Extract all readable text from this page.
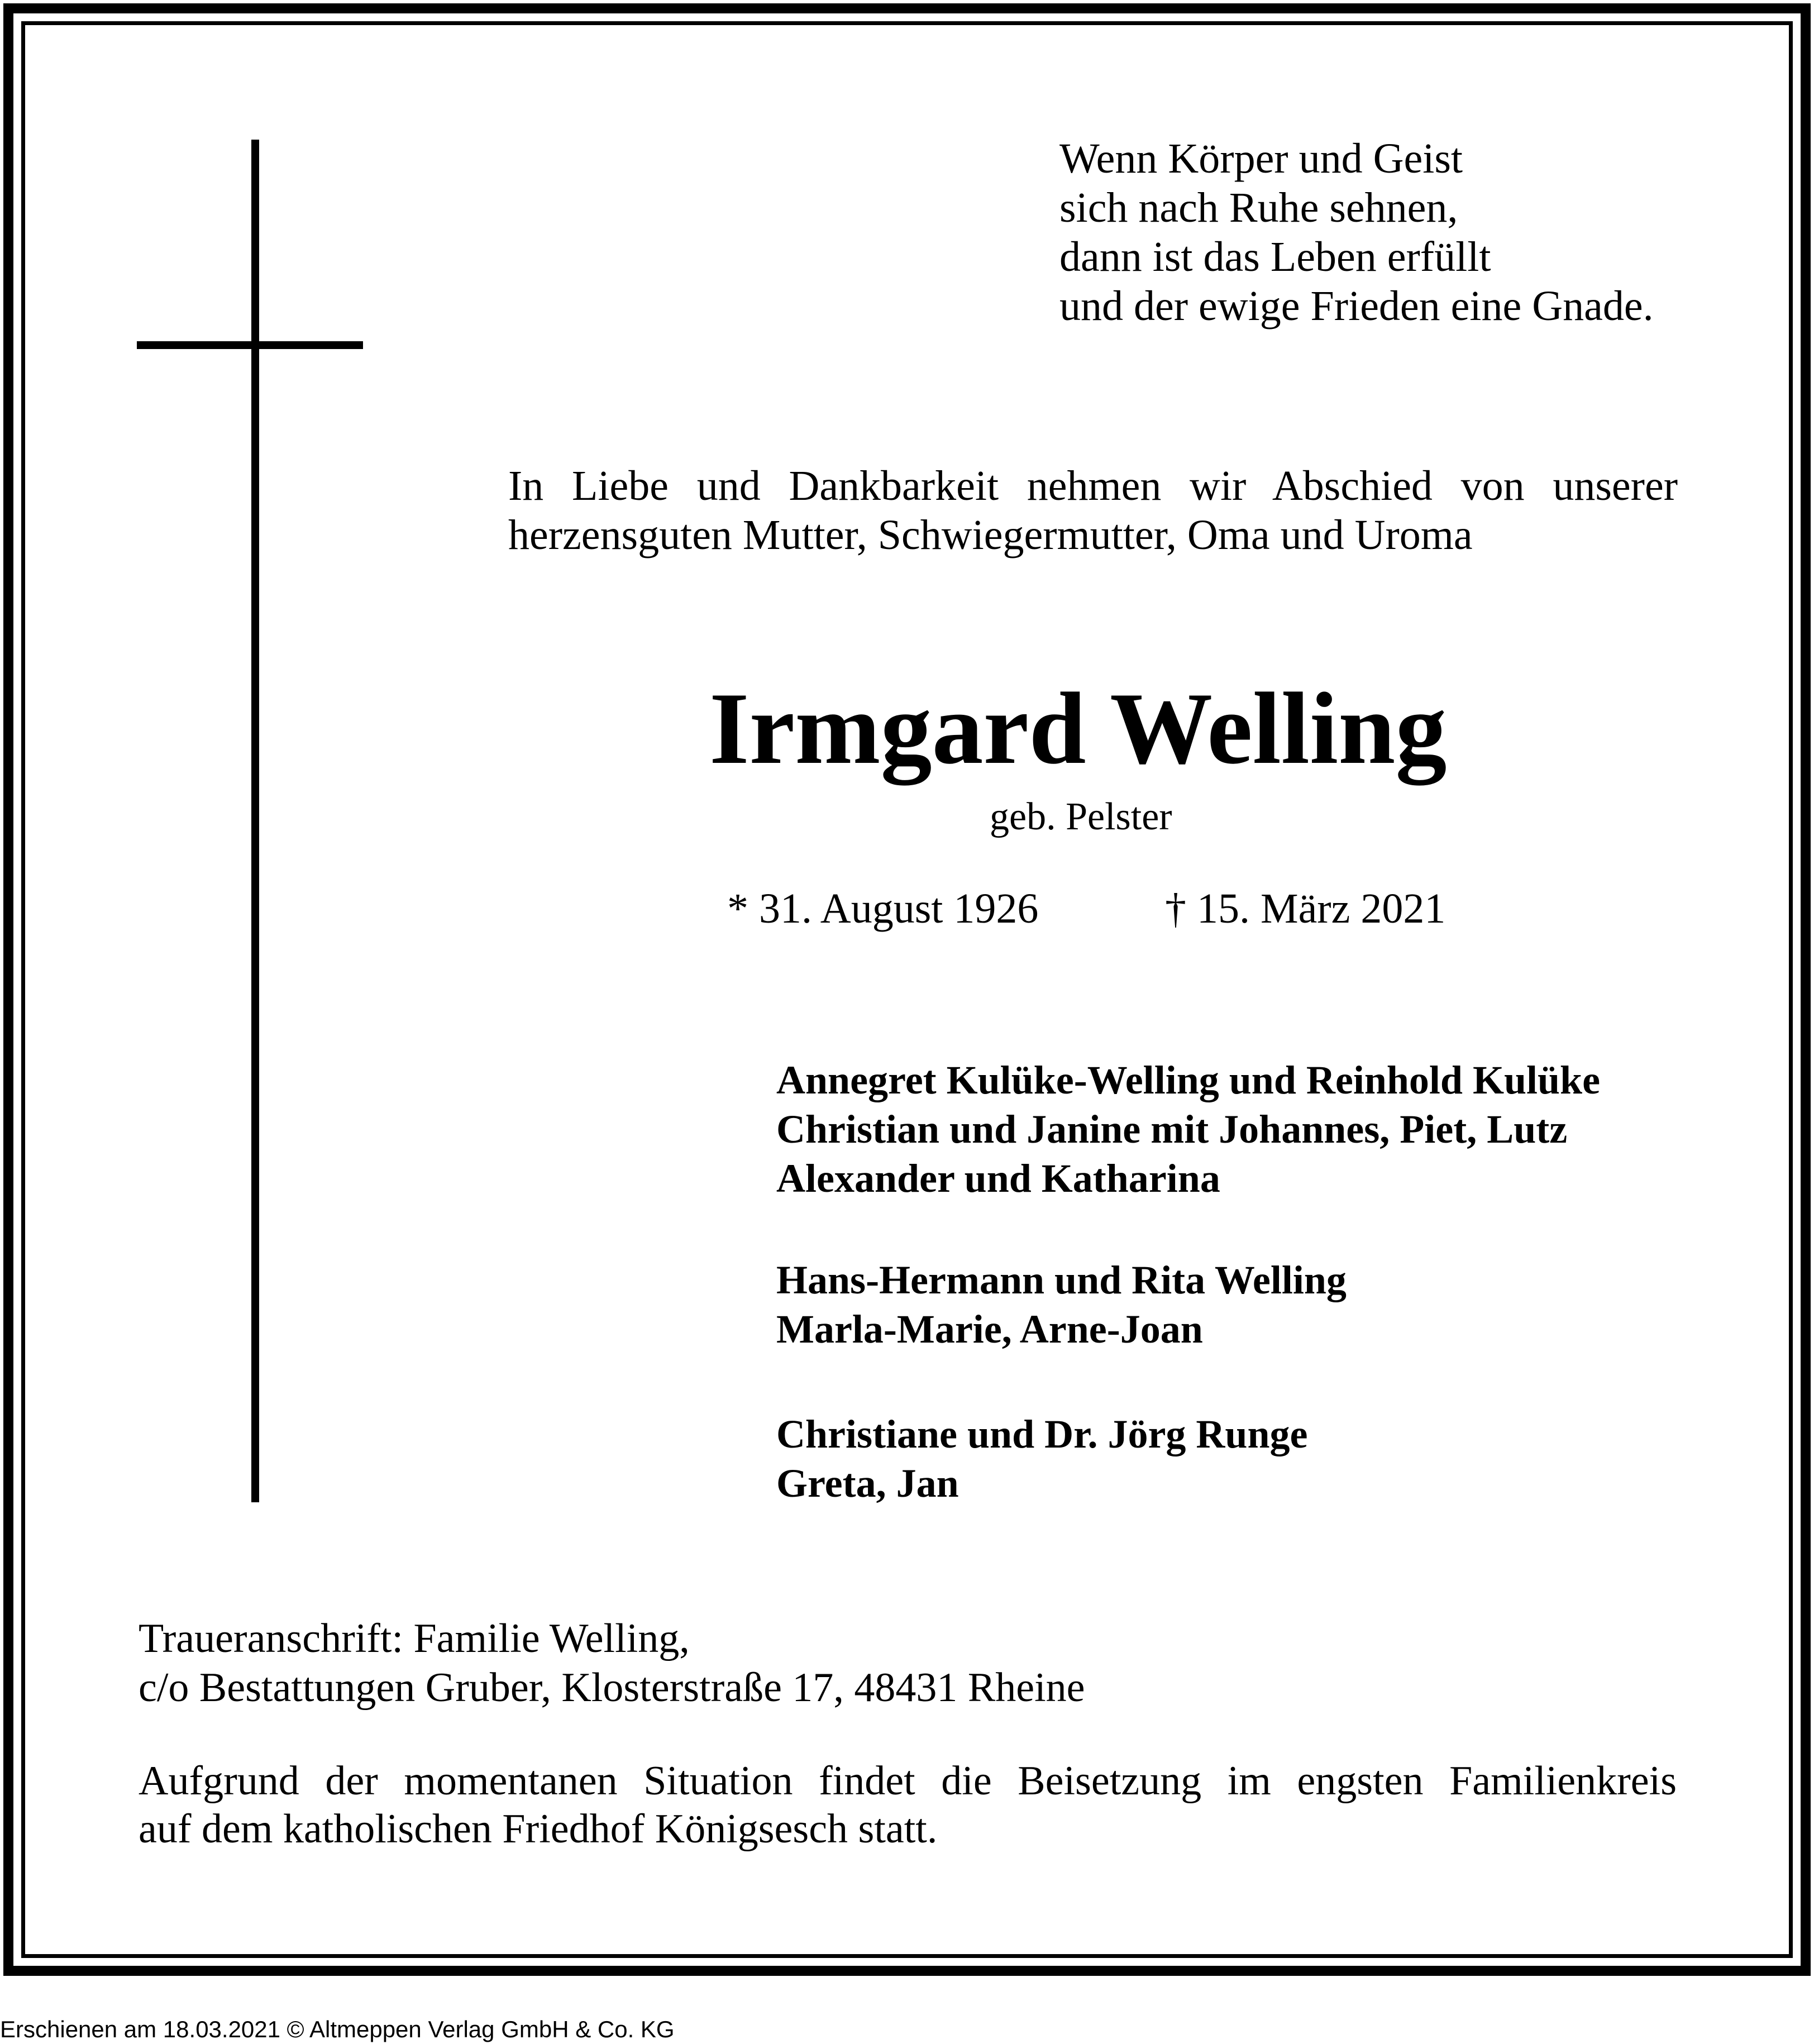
Wenn Körper und Geist
sich nach Ruhe sehnen,
dann ist das Leben erfüllt
und der ewige Frieden eine Gnade.
In Liebe und Dankbarkeit nehmen wir Abschied von unserer
herzensguten Mutter, Schwiegermutter, Oma und Uroma
Irmgard Welling
geb. Pelster
* 31. August 1926	† 15. März 2021
Annegret Kulüke-Welling und Reinhold Kulüke
Christian und Janine mit Johannes, Piet, Lutz
Alexander und Katharina
Hans-Hermann und Rita Welling
Marla-Marie, Arne-Joan
Christiane und Dr. Jörg Runge
Greta, Jan
Traueranschrift: Familie Welling,
c/o Bestattungen Gruber, Klosterstraße 17, 48431 Rheine
Aufgrund der momentanen Situation findet die Beisetzung im engsten Familienkreis
auf dem katholischen Friedhof Königsesch statt.
Erschienen am 18.03.2021 © Altmeppen Verlag GmbH & Co. KG
